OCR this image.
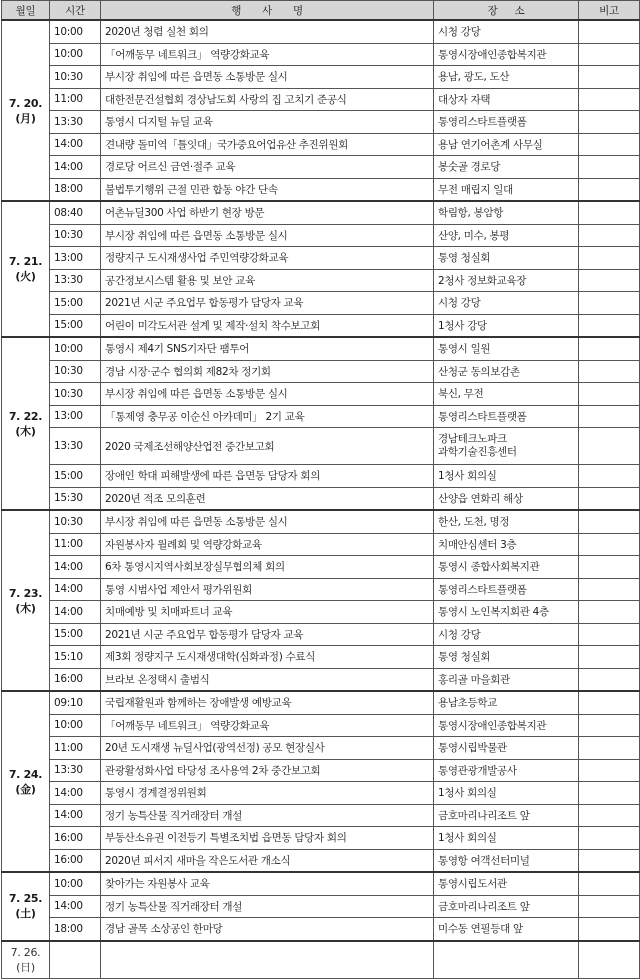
월일	시간	행 사 명	장 소	비고

7. 20.
(月)	10:00	2020년 청렴 실천 회의	시청 강당	
	10:00	「어깨동무 네트워크」 역량강화교육	통영시장애인종합복지관	
	10:30	부시장 취임에 따른 읍면동 소통방문 실시	용남, 광도, 도산	
	11:00	대한전문건설협회 경상남도회 사랑의 집 고치기 준공식	대상자 자택	
	13:30	통영시 디지털 뉴딜 교육	통영리스타트플랫폼	
	14:00	견내량 돌미역「틀잇대」국가중요어업유산 추진위원회	용남 연기어촌계 사무실	
	14:00	경로당 어르신 금연·절주 교육	봉숫골 경로당	
	18:00	불법투기행위 근절 민관 합동 야간 단속	무전 매립지 일대	

7. 21.
(火)	08:40	어촌뉴딜300 사업 하반기 현장 방문	학림항, 봉암항	
	10:30	부시장 취임에 따른 읍면동 소통방문 실시	산양, 미수, 봉평	
	13:00	정량지구 도시재생사업 주민역량강화교육	통영 청실회	
	13:30	공간정보시스템 활용 및 보안 교육	2청사 정보화교육장	
	15:00	2021년 시군 주요업무 합동평가 담당자 교육	시청 강당	
	15:00	어린이 미각도서관 설계 및 제작·설치 착수보고회	1청사 강당	

7. 22.
(木)	10:00	통영시 제4기 SNS기자단 팸투어	통영시 일원	
	10:30	경남 시장·군수 협의회 제82차 정기회	산청군 동의보감촌	
	10:30	부시장 취임에 따른 읍면동 소통방문 실시	북신, 무전	
	13:00	「통제영 충무공 이순신 아카데미」 2기 교육	통영리스타트플랫폼	
	13:30	2020 국제조선해양산업전 중간보고회	경남테크노파크
과학기술진흥센터	

	15:00	장애인 학대 피해발생에 따른 읍면동 담당자 회의	1청사 회의실	
	15:30	2020년 적조 모의훈련	산양읍 연화리 해상	

7. 23.
(木)	10:30	부시장 취임에 따른 읍면동 소통방문 실시	한산, 도천, 명정	
	11:00	자원봉사자 월례회 및 역량강화교육	치매안심센터 3층	
	14:00	6차 통영시지역사회보장실무협의체 회의	통영시 종합사회복지관	
	14:00	통영 시범사업 제안서 평가위원회	통영리스타트플랫폼	
	14:00	치매예방 및 치매파트너 교육	통영시 노인복지회관 4층	
	15:00	2021년 시군 주요업무 합동평가 담당자 교육	시청 강당	
	15:10	제3회 정량지구 도시재생대학(심화과정) 수료식	통영 청실회	
	16:00	브라보 온정택시 출범식	홍리골 마을회관	

7. 24.
(金)	09:10	국립재활원과 함께하는 장애발생 예방교육	용남초등학교	
	10:00	「어깨동무 네트워크」 역량강화교육	통영시장애인종합복지관	
	11:00	20년 도시재생 뉴딜사업(광역선정) 공모 현장실사	통영시립박물관	
	13:30	관광활성화사업 타당성 조사용역 2차 중간보고회	통영관광개발공사	
	14:00	통영시 경계결정위원회	1청사 회의실	
	14:00	정기 농특산물 직거래장터 개설	금호마리나리조트 앞	
	16:00	부동산소유권 이전등기 특별조치법 읍면동 담당자 회의	1청사 회의실	
	16:00	2020년 피서지 새마을 작은도서관 개소식	통영항 여객선터미널	

7. 25.
(土)	10:00	찾아가는 자원봉사 교육	통영시립도서관	
	14:00	정기 농특산물 직거래장터 개설	금호마리나리조트 앞	
	18:00	경남 골목 소상공인 한마당	미수동 연필등대 앞	

7. 26.
(日)				
